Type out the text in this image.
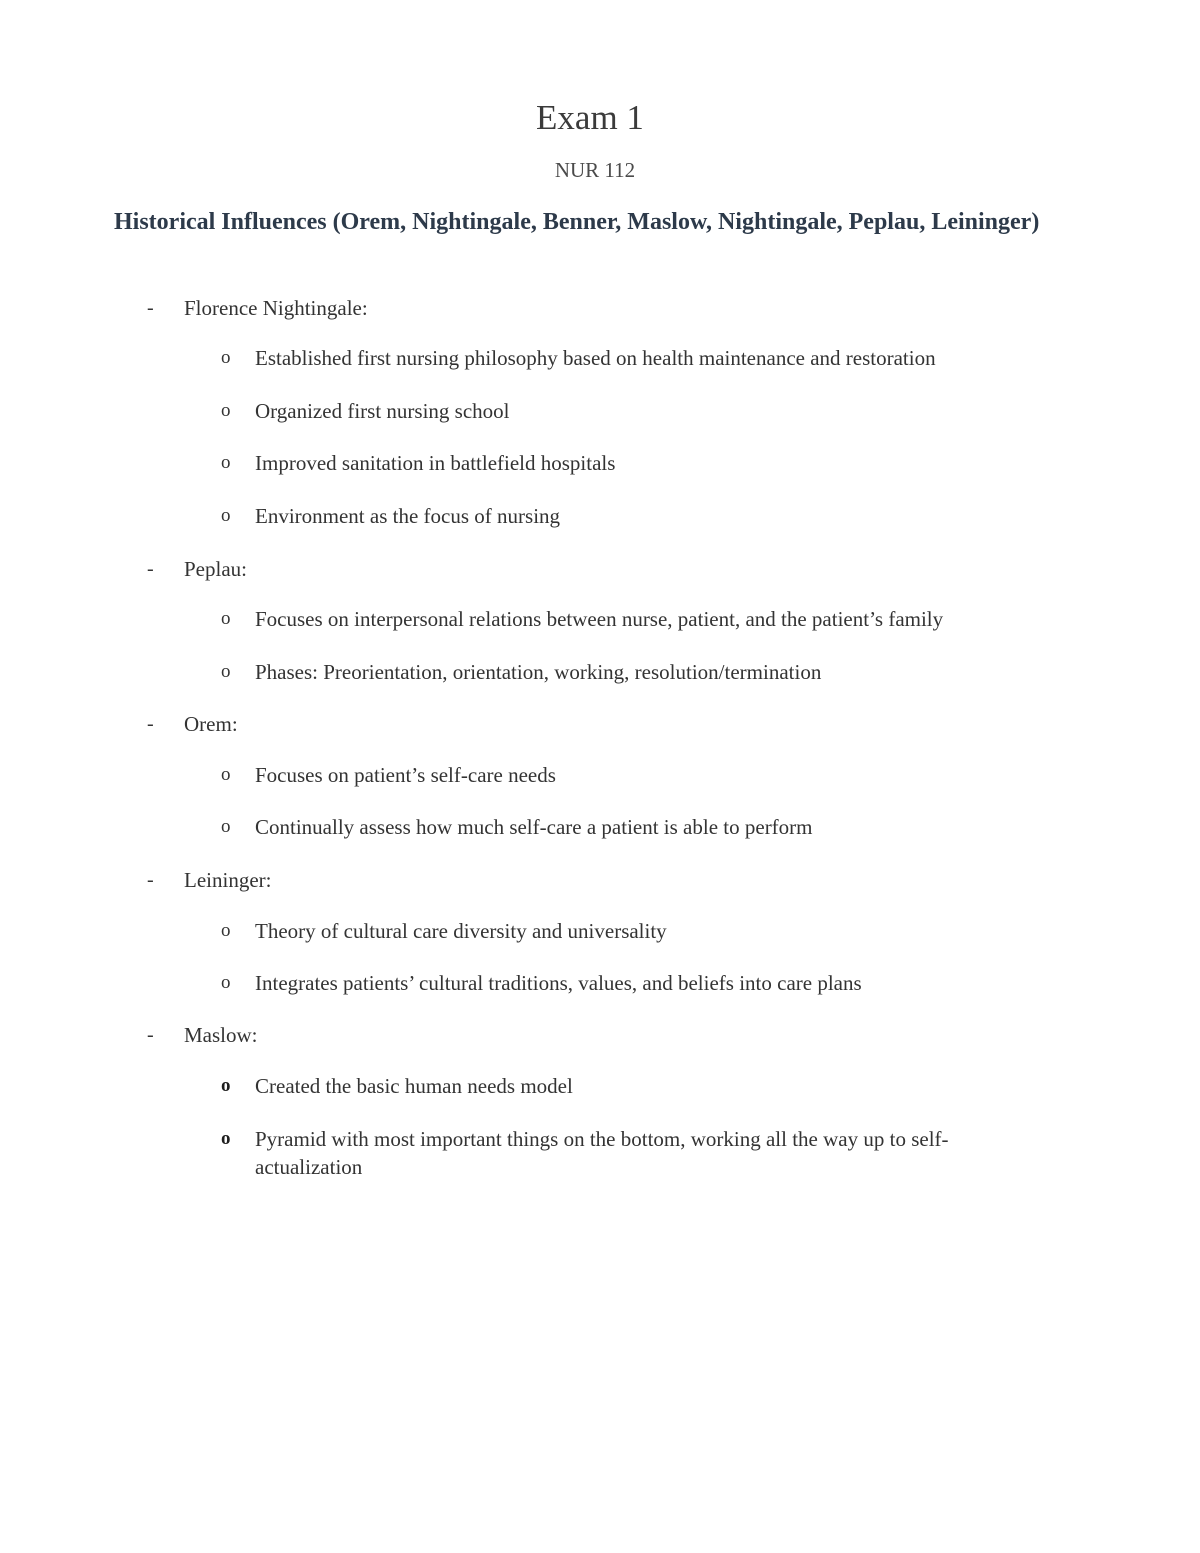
Exam 1
NUR 112
Historical Influences (Orem, Nightingale, Benner, Maslow, Nightingale, Peplau, Leininger)
- Florence Nightingale:
o Established first nursing philosophy based on health maintenance and restoration
o Organized first nursing school
o Improved sanitation in battlefield hospitals
o Environment as the focus of nursing
- Peplau:
o Focuses on interpersonal relations between nurse, patient, and the patient’s family
o Phases: Preorientation, orientation, working, resolution/termination
- Orem:
o Focuses on patient’s self-care needs
o Continually assess how much self-care a patient is able to perform
- Leininger:
o Theory of cultural care diversity and universality
o Integrates patients’ cultural traditions, values, and beliefs into care plans
- Maslow:
o Created the basic human needs model
o Pyramid with most important things on the bottom, working all the way up to self-actualization
